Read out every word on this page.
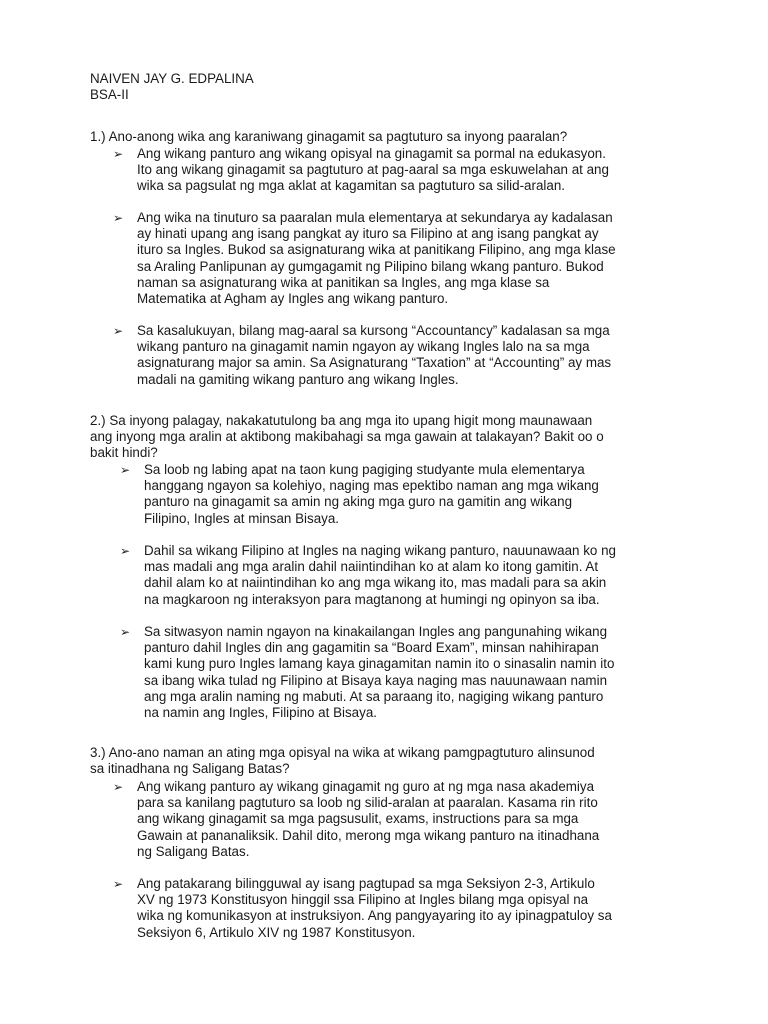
NAIVEN JAY G. EDPALINA
BSA-II
1.) Ano-anong wika ang karaniwang ginagamit sa pagtuturo sa inyong paaralan?
➢ Ang wikang panturo ang wikang opisyal na ginagamit sa pormal na edukasyon.
Ito ang wikang ginagamit sa pagtuturo at pag-aaral sa mga eskuwelahan at ang
wika sa pagsulat ng mga aklat at kagamitan sa pagtuturo sa silid-aralan.
➢ Ang wika na tinuturo sa paaralan mula elementarya at sekundarya ay kadalasan
ay hinati upang ang isang pangkat ay ituro sa Filipino at ang isang pangkat ay
ituro sa Ingles. Bukod sa asignaturang wika at panitikang Filipino, ang mga klase
sa Araling Panlipunan ay gumgagamit ng Pilipino bilang wkang panturo. Bukod
naman sa asignaturang wika at panitikan sa Ingles, ang mga klase sa
Matematika at Agham ay Ingles ang wikang panturo.
➢ Sa kasalukuyan, bilang mag-aaral sa kursong “Accountancy” kadalasan sa mga
wikang panturo na ginagamit namin ngayon ay wikang Ingles lalo na sa mga
asignaturang major sa amin. Sa Asignaturang “Taxation” at “Accounting” ay mas
madali na gamiting wikang panturo ang wikang Ingles.
2.) Sa inyong palagay, nakakatutulong ba ang mga ito upang higit mong maunawaan
ang inyong mga aralin at aktibong makibahagi sa mga gawain at talakayan? Bakit oo o
bakit hindi?
➢ Sa loob ng labing apat na taon kung pagiging studyante mula elementarya
hanggang ngayon sa kolehiyo, naging mas epektibo naman ang mga wikang
panturo na ginagamit sa amin ng aking mga guro na gamitin ang wikang
Filipino, Ingles at minsan Bisaya.
➢ Dahil sa wikang Filipino at Ingles na naging wikang panturo, nauunawaan ko ng
mas madali ang mga aralin dahil naiintindihan ko at alam ko itong gamitin. At
dahil alam ko at naiintindihan ko ang mga wikang ito, mas madali para sa akin
na magkaroon ng interaksyon para magtanong at humingi ng opinyon sa iba.
➢ Sa sitwasyon namin ngayon na kinakailangan Ingles ang pangunahing wikang
panturo dahil Ingles din ang gagamitin sa “Board Exam”, minsan nahihirapan
kami kung puro Ingles lamang kaya ginagamitan namin ito o sinasalin namin ito
sa ibang wika tulad ng Filipino at Bisaya kaya naging mas nauunawaan namin
ang mga aralin naming ng mabuti. At sa paraang ito, nagiging wikang panturo
na namin ang Ingles, Filipino at Bisaya.
3.) Ano-ano naman an ating mga opisyal na wika at wikang pamgpagtuturo alinsunod
sa itinadhana ng Saligang Batas?
➢ Ang wikang panturo ay wikang ginagamit ng guro at ng mga nasa akademiya
para sa kanilang pagtuturo sa loob ng silid-aralan at paaralan. Kasama rin rito
ang wikang ginagamit sa mga pagsusulit, exams, instructions para sa mga
Gawain at pananaliksik. Dahil dito, merong mga wikang panturo na itinadhana
ng Saligang Batas.
➢ Ang patakarang bilingguwal ay isang pagtupad sa mga Seksiyon 2-3, Artikulo
XV ng 1973 Konstitusyon hinggil ssa Filipino at Ingles bilang mga opisyal na
wika ng komunikasyon at instruksiyon. Ang pangyayaring ito ay ipinagpatuloy sa
Seksiyon 6, Artikulo XIV ng 1987 Konstitusyon.
